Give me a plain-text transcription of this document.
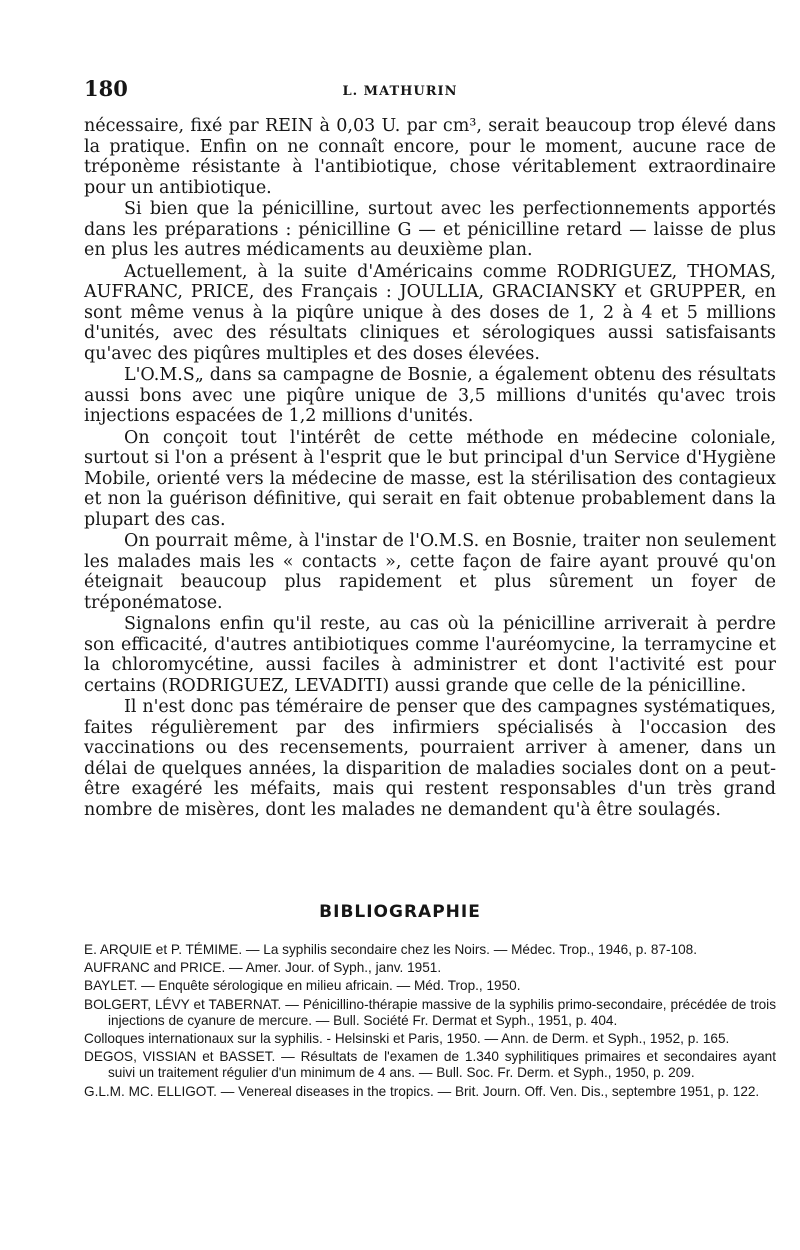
180	L. MATHURIN

nécessaire, fixé par REIN à 0,03 U. par cm³, serait beaucoup trop élevé dans la pratique. Enfin on ne connaît encore, pour le moment, aucune race de tréponème résistante à l'antibiotique, chose véritablement extraordinaire pour un antibiotique.

Si bien que la pénicilline, surtout avec les perfectionnements apportés dans les préparations : pénicilline G — et pénicilline retard — laisse de plus en plus les autres médicaments au deuxième plan.

Actuellement, à la suite d'Américains comme RODRIGUEZ, THOMAS, AUFRANC, PRICE, des Français : JOULLIA, GRACIANSKY et GRUPPER, en sont même venus à la piqûre unique à des doses de 1, 2 à 4 et 5 millions d'unités, avec des résultats cliniques et sérologiques aussi satisfaisants qu'avec des piqûres multiples et des doses élevées.

L'O.M.S„ dans sa campagne de Bosnie, a également obtenu des résultats aussi bons avec une piqûre unique de 3,5 millions d'unités qu'avec trois injections espacées de 1,2 millions d'unités.

On conçoit tout l'intérêt de cette méthode en médecine coloniale, surtout si l'on a présent à l'esprit que le but principal d'un Service d'Hygiène Mobile, orienté vers la médecine de masse, est la stérilisation des contagieux et non la guérison définitive, qui serait en fait obtenue probablement dans la plupart des cas.

On pourrait même, à l'instar de l'O.M.S. en Bosnie, traiter non seulement les malades mais les « contacts », cette façon de faire ayant prouvé qu'on éteignait beaucoup plus rapidement et plus sûrement un foyer de tréponématose.

Signalons enfin qu'il reste, au cas où la pénicilline arriverait à perdre son efficacité, d'autres antibiotiques comme l'auréomycine, la terramycine et la chloromycétine, aussi faciles à administrer et dont l'activité est pour certains (RODRIGUEZ, LEVADITI) aussi grande que celle de la pénicilline.

Il n'est donc pas téméraire de penser que des campagnes systématiques, faites régulièrement par des infirmiers spécialisés à l'occasion des vaccinations ou des recensements, pourraient arriver à amener, dans un délai de quelques années, la disparition de maladies sociales dont on a peut-être exagéré les méfaits, mais qui restent responsables d'un très grand nombre de misères, dont les malades ne demandent qu'à être soulagés.

BIBLIOGRAPHIE
E. ARQUIE et P. TÉMIME. — La syphilis secondaire chez les Noirs. — Médec. Trop., 1946, p. 87-108.
AUFRANC and PRICE. — Amer. Jour. of Syph., janv. 1951.
BAYLET. — Enquête sérologique en milieu africain. — Méd. Trop., 1950.
BOLGERT, LÉVY et TABERNAT. — Pénicillino-thérapie massive de la syphilis primo-secondaire, précédée de trois injections de cyanure de mercure. — Bull. Société Fr. Dermat et Syph., 1951, p. 404.
Colloques internationaux sur la syphilis. - Helsinski et Paris, 1950. — Ann. de Derm. et Syph., 1952, p. 165.
DEGOS, VISSIAN et BASSET. — Résultats de l'examen de 1.340 syphilitiques primaires et secondaires ayant suivi un traitement régulier d'un minimum de 4 ans. — Bull. Soc. Fr. Derm. et Syph., 1950, p. 209.
G.L.M. MC. ELLIGOT. — Venereal diseases in the tropics. — Brit. Journ. Off. Ven. Dis., septembre 1951, p. 122.
